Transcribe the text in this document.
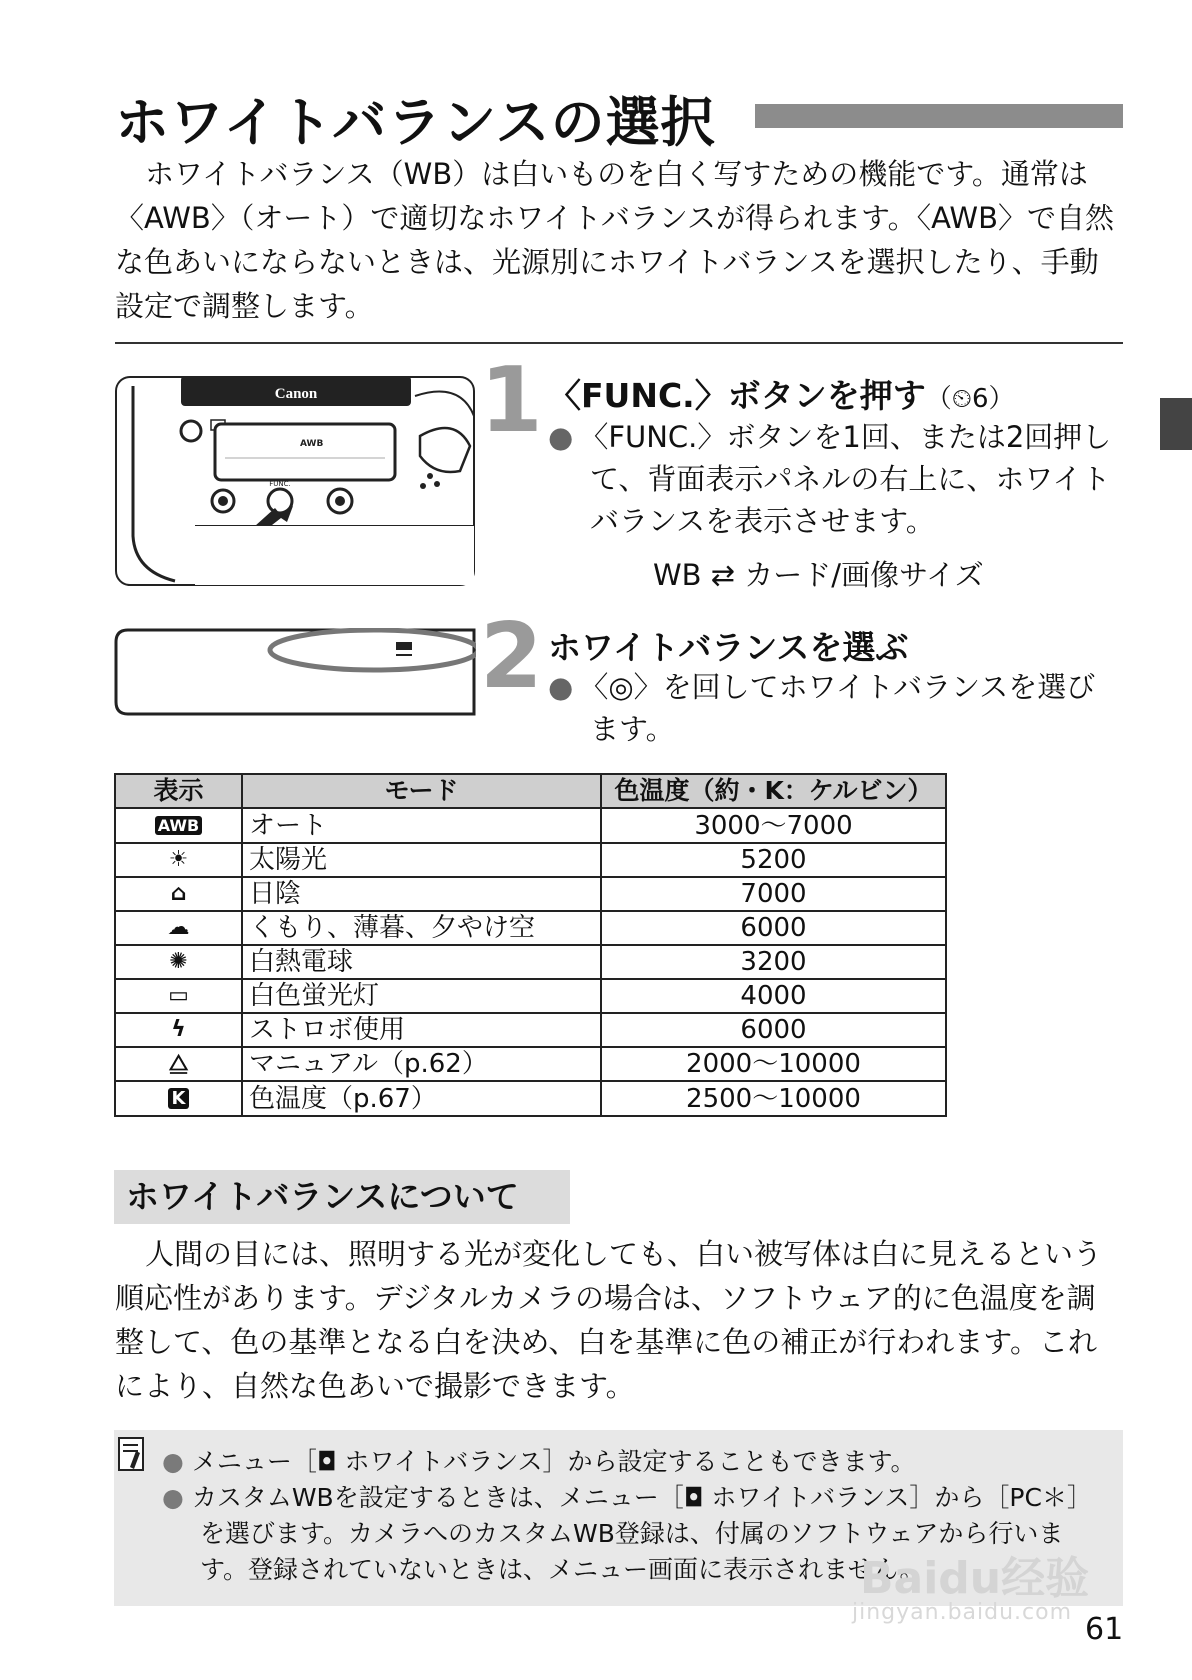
ホワイトバランスの選択

ホワイトバランス（WB）は白いものを白く写すための機能です。通常は

〈AWB〉（オート）で適切なホワイトバランスが得られます。〈AWB〉で自然

な色あいにならないときは、光源別にホワイトバランスを選択したり、手動

設定で調整します。

Canon
AWB
FUNC.
1 〈FUNC.〉ボタンを押す（⏲6）
● 〈FUNC.〉ボタンを1回、または2回押し
て、背面表示パネルの右上に、ホワイト
バランスを表示させます。
WB ⇄ カード/画像サイズ
2 ホワイトバランスを選ぶ
● 〈◎〉を回してホワイトバランスを選び
ます。
表示	モード	色温度（約・K：ケルビン）
AWB	オート	3000～7000
☀	太陽光	5200
⌂	日陰	7000
☁	くもり、薄暮、夕やけ空	6000
✺	白熱電球	3200
▭	白色蛍光灯	4000
ϟ	ストロボ使用	6000
⧋	マニュアル（p.62）	2000～10000
K	色温度（p.67）	2500～10000
ホワイトバランスについて

人間の目には、照明する光が変化しても、白い被写体は白に見えるという

順応性があります。デジタルカメラの場合は、ソフトウェア的に色温度を調

整して、色の基準となる白を決め、白を基準に色の補正が行われます。これ

により、自然な色あいで撮影できます。

● メニュー［◘ ホワイトバランス］から設定することもできます。
● カスタムWBを設定するときは、メニュー［◘ ホワイトバランス］から［PC＊］
を選びます。カメラへのカスタムWB登録は、付属のソフトウェアから行いま
す。登録されていないときは、メニュー画面に表示されません。
Baidu经验
jingyan.baidu.com 61
